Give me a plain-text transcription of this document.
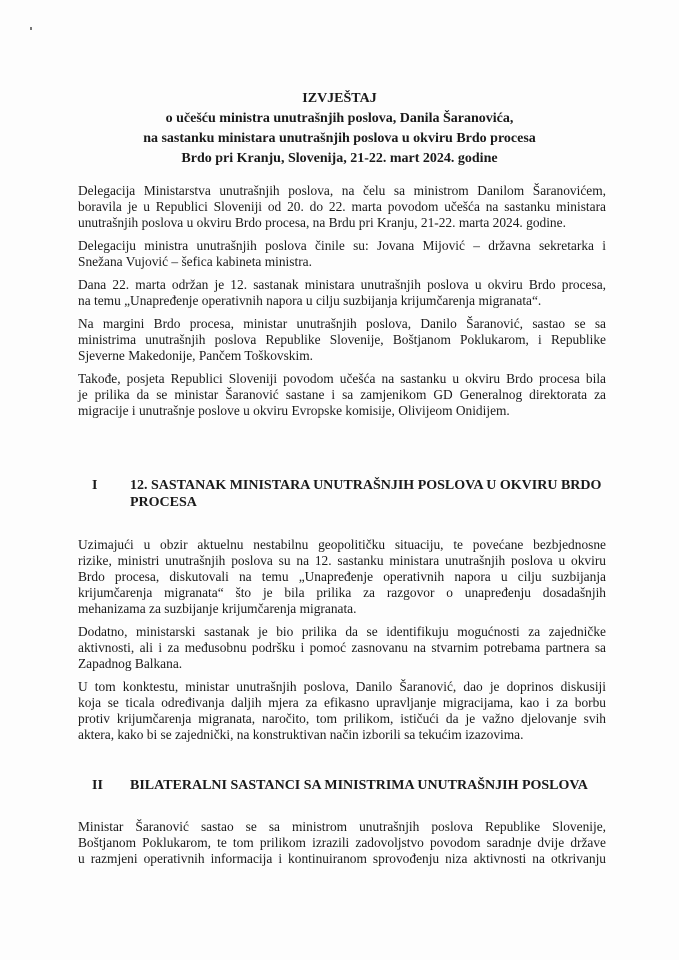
IZVJEŠTAJ
o učešću ministra unutrašnjih poslova, Danila Šaranovića,
na sastanku ministara unutrašnjih poslova u okviru Brdo procesa
Brdo pri Kranju, Slovenija, 21-22. mart 2024. godine
Delegacija Ministarstva unutrašnjih poslova, na čelu sa ministrom Danilom Šaranovićem,
boravila je u Republici Sloveniji od 20. do 22. marta povodom učešća na sastanku ministara
unutrašnjih poslova u okviru Brdo procesa, na Brdu pri Kranju, 21-22. marta 2024. godine.
Delegaciju ministra unutrašnjih poslova činile su: Jovana Mijović – državna sekretarka i
Snežana Vujović – šefica kabineta ministra.
Dana 22. marta održan je 12. sastanak ministara unutrašnjih poslova u okviru Brdo procesa,
na temu „Unapređenje operativnih napora u cilju suzbijanja krijumčarenja migranata“.
Na margini Brdo procesa, ministar unutrašnjih poslova, Danilo Šaranović, sastao se sa
ministrima unutrašnjih poslova Republike Slovenije, Boštjanom Poklukarom, i Republike
Sjeverne Makedonije, Pančem Toškovskim.
Takođe, posjeta Republici Sloveniji povodom učešća na sastanku u okviru Brdo procesa bila
je prilika da se ministar Šaranović sastane i sa zamjenikom GD Generalnog direktorata za
migracije i unutrašnje poslove u okviru Evropske komisije, Olivijeom Onidijem.
I 12. SASTANAK MINISTARA UNUTRAŠNJIH POSLOVA U OKVIRU BRDO
PROCESA
Uzimajući u obzir aktuelnu nestabilnu geopolitičku situaciju, te povećane bezbjednosne
rizike, ministri unutrašnjih poslova su na 12. sastanku ministara unutrašnjih poslova u okviru
Brdo procesa, diskutovali na temu „Unapređenje operativnih napora u cilju suzbijanja
krijumčarenja migranata“ što je bila prilika za razgovor o unapređenju dosadašnjih
mehanizama za suzbijanje krijumčarenja migranata.
Dodatno, ministarski sastanak je bio prilika da se identifikuju mogućnosti za zajedničke
aktivnosti, ali i za međusobnu podršku i pomoć zasnovanu na stvarnim potrebama partnera sa
Zapadnog Balkana.
U tom konktestu, ministar unutrašnjih poslova, Danilo Šaranović, dao je doprinos diskusiji
koja se ticala određivanja daljih mjera za efikasno upravljanje migracijama, kao i za borbu
protiv krijumčarenja migranata, naročito, tom prilikom, ističući da je važno djelovanje svih
aktera, kako bi se zajednički, na konstruktivan način izborili sa tekućim izazovima.
II BILATERALNI SASTANCI SA MINISTRIMA UNUTRAŠNJIH POSLOVA
Ministar Šaranović sastao se sa ministrom unutrašnjih poslova Republike Slovenije,
Boštjanom Poklukarom, te tom prilikom izrazili zadovoljstvo povodom saradnje dvije države
u razmjeni operativnih informacija i kontinuiranom sprovođenju niza aktivnosti na otkrivanju
